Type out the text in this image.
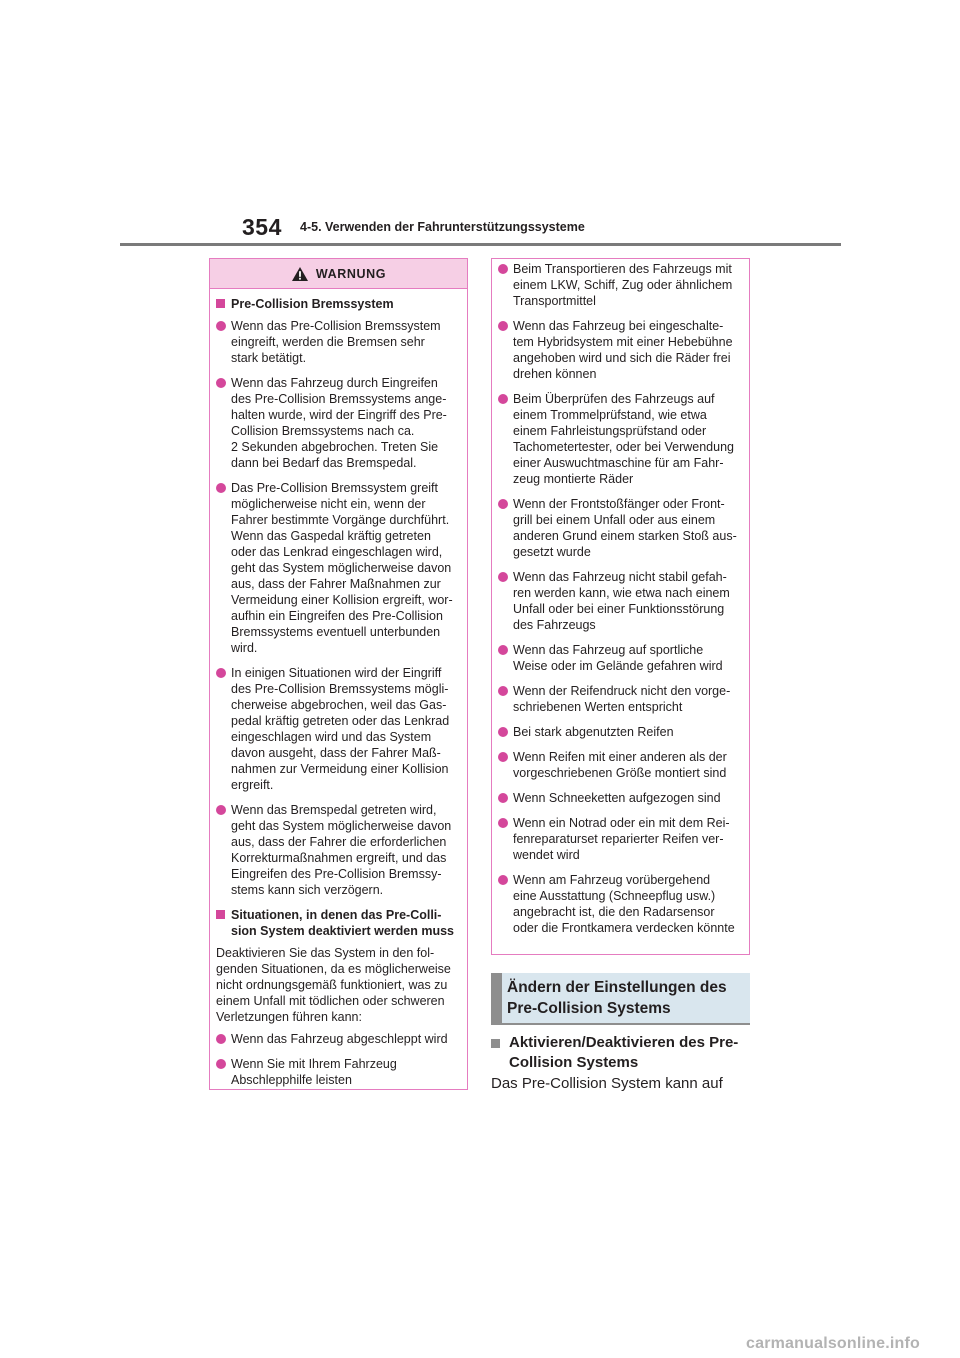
354 4-5. Verwenden der Fahrunterstützungssysteme
WARNUNG
Pre-Collision Bremssystem
Wenn das Pre-Collision Bremssystem
eingreift, werden die Bremsen sehr
stark betätigt.
Wenn das Fahrzeug durch Eingreifen
des Pre-Collision Bremssystems ange-
halten wurde, wird der Eingriff des Pre-
Collision Bremssystems nach ca.
2 Sekunden abgebrochen. Treten Sie
dann bei Bedarf das Bremspedal.
Das Pre-Collision Bremssystem greift
möglicherweise nicht ein, wenn der
Fahrer bestimmte Vorgänge durchführt.
Wenn das Gaspedal kräftig getreten
oder das Lenkrad eingeschlagen wird,
geht das System möglicherweise davon
aus, dass der Fahrer Maßnahmen zur
Vermeidung einer Kollision ergreift, wor-
aufhin ein Eingreifen des Pre-Collision
Bremssystems eventuell unterbunden
wird.
In einigen Situationen wird der Eingriff
des Pre-Collision Bremssystems mögli-
cherweise abgebrochen, weil das Gas-
pedal kräftig getreten oder das Lenkrad
eingeschlagen wird und das System
davon ausgeht, dass der Fahrer Maß-
nahmen zur Vermeidung einer Kollision
ergreift.
Wenn das Bremspedal getreten wird,
geht das System möglicherweise davon
aus, dass der Fahrer die erforderlichen
Korrekturmaßnahmen ergreift, und das
Eingreifen des Pre-Collision Bremssy-
stems kann sich verzögern.
Situationen, in denen das Pre-Colli-
sion System deaktiviert werden muss
Deaktivieren Sie das System in den fol-
genden Situationen, da es möglicherweise
nicht ordnungsgemäß funktioniert, was zu
einem Unfall mit tödlichen oder schweren
Verletzungen führen kann:
Wenn das Fahrzeug abgeschleppt wird
Wenn Sie mit Ihrem Fahrzeug
Abschlepphilfe leisten
Beim Transportieren des Fahrzeugs mit
einem LKW, Schiff, Zug oder ähnlichem
Transportmittel
Wenn das Fahrzeug bei eingeschalte-
tem Hybridsystem mit einer Hebebühne
angehoben wird und sich die Räder frei
drehen können
Beim Überprüfen des Fahrzeugs auf
einem Trommelprüfstand, wie etwa
einem Fahrleistungsprüfstand oder
Tachometertester, oder bei Verwendung
einer Auswuchtmaschine für am Fahr-
zeug montierte Räder
Wenn der Frontstoßfänger oder Front-
grill bei einem Unfall oder aus einem
anderen Grund einem starken Stoß aus-
gesetzt wurde
Wenn das Fahrzeug nicht stabil gefah-
ren werden kann, wie etwa nach einem
Unfall oder bei einer Funktionsstörung
des Fahrzeugs
Wenn das Fahrzeug auf sportliche
Weise oder im Gelände gefahren wird
Wenn der Reifendruck nicht den vorge-
schriebenen Werten entspricht
Bei stark abgenutzten Reifen
Wenn Reifen mit einer anderen als der
vorgeschriebenen Größe montiert sind
Wenn Schneeketten aufgezogen sind
Wenn ein Notrad oder ein mit dem Rei-
fenreparaturset reparierter Reifen ver-
wendet wird
Wenn am Fahrzeug vorübergehend
eine Ausstattung (Schneepflug usw.)
angebracht ist, die den Radarsensor
oder die Frontkamera verdecken könnte
Ändern der Einstellungen des
Pre-Collision Systems
Aktivieren/Deaktivieren des Pre-
Collision Systems
Das Pre-Collision System kann auf
carmanualsonline.info
